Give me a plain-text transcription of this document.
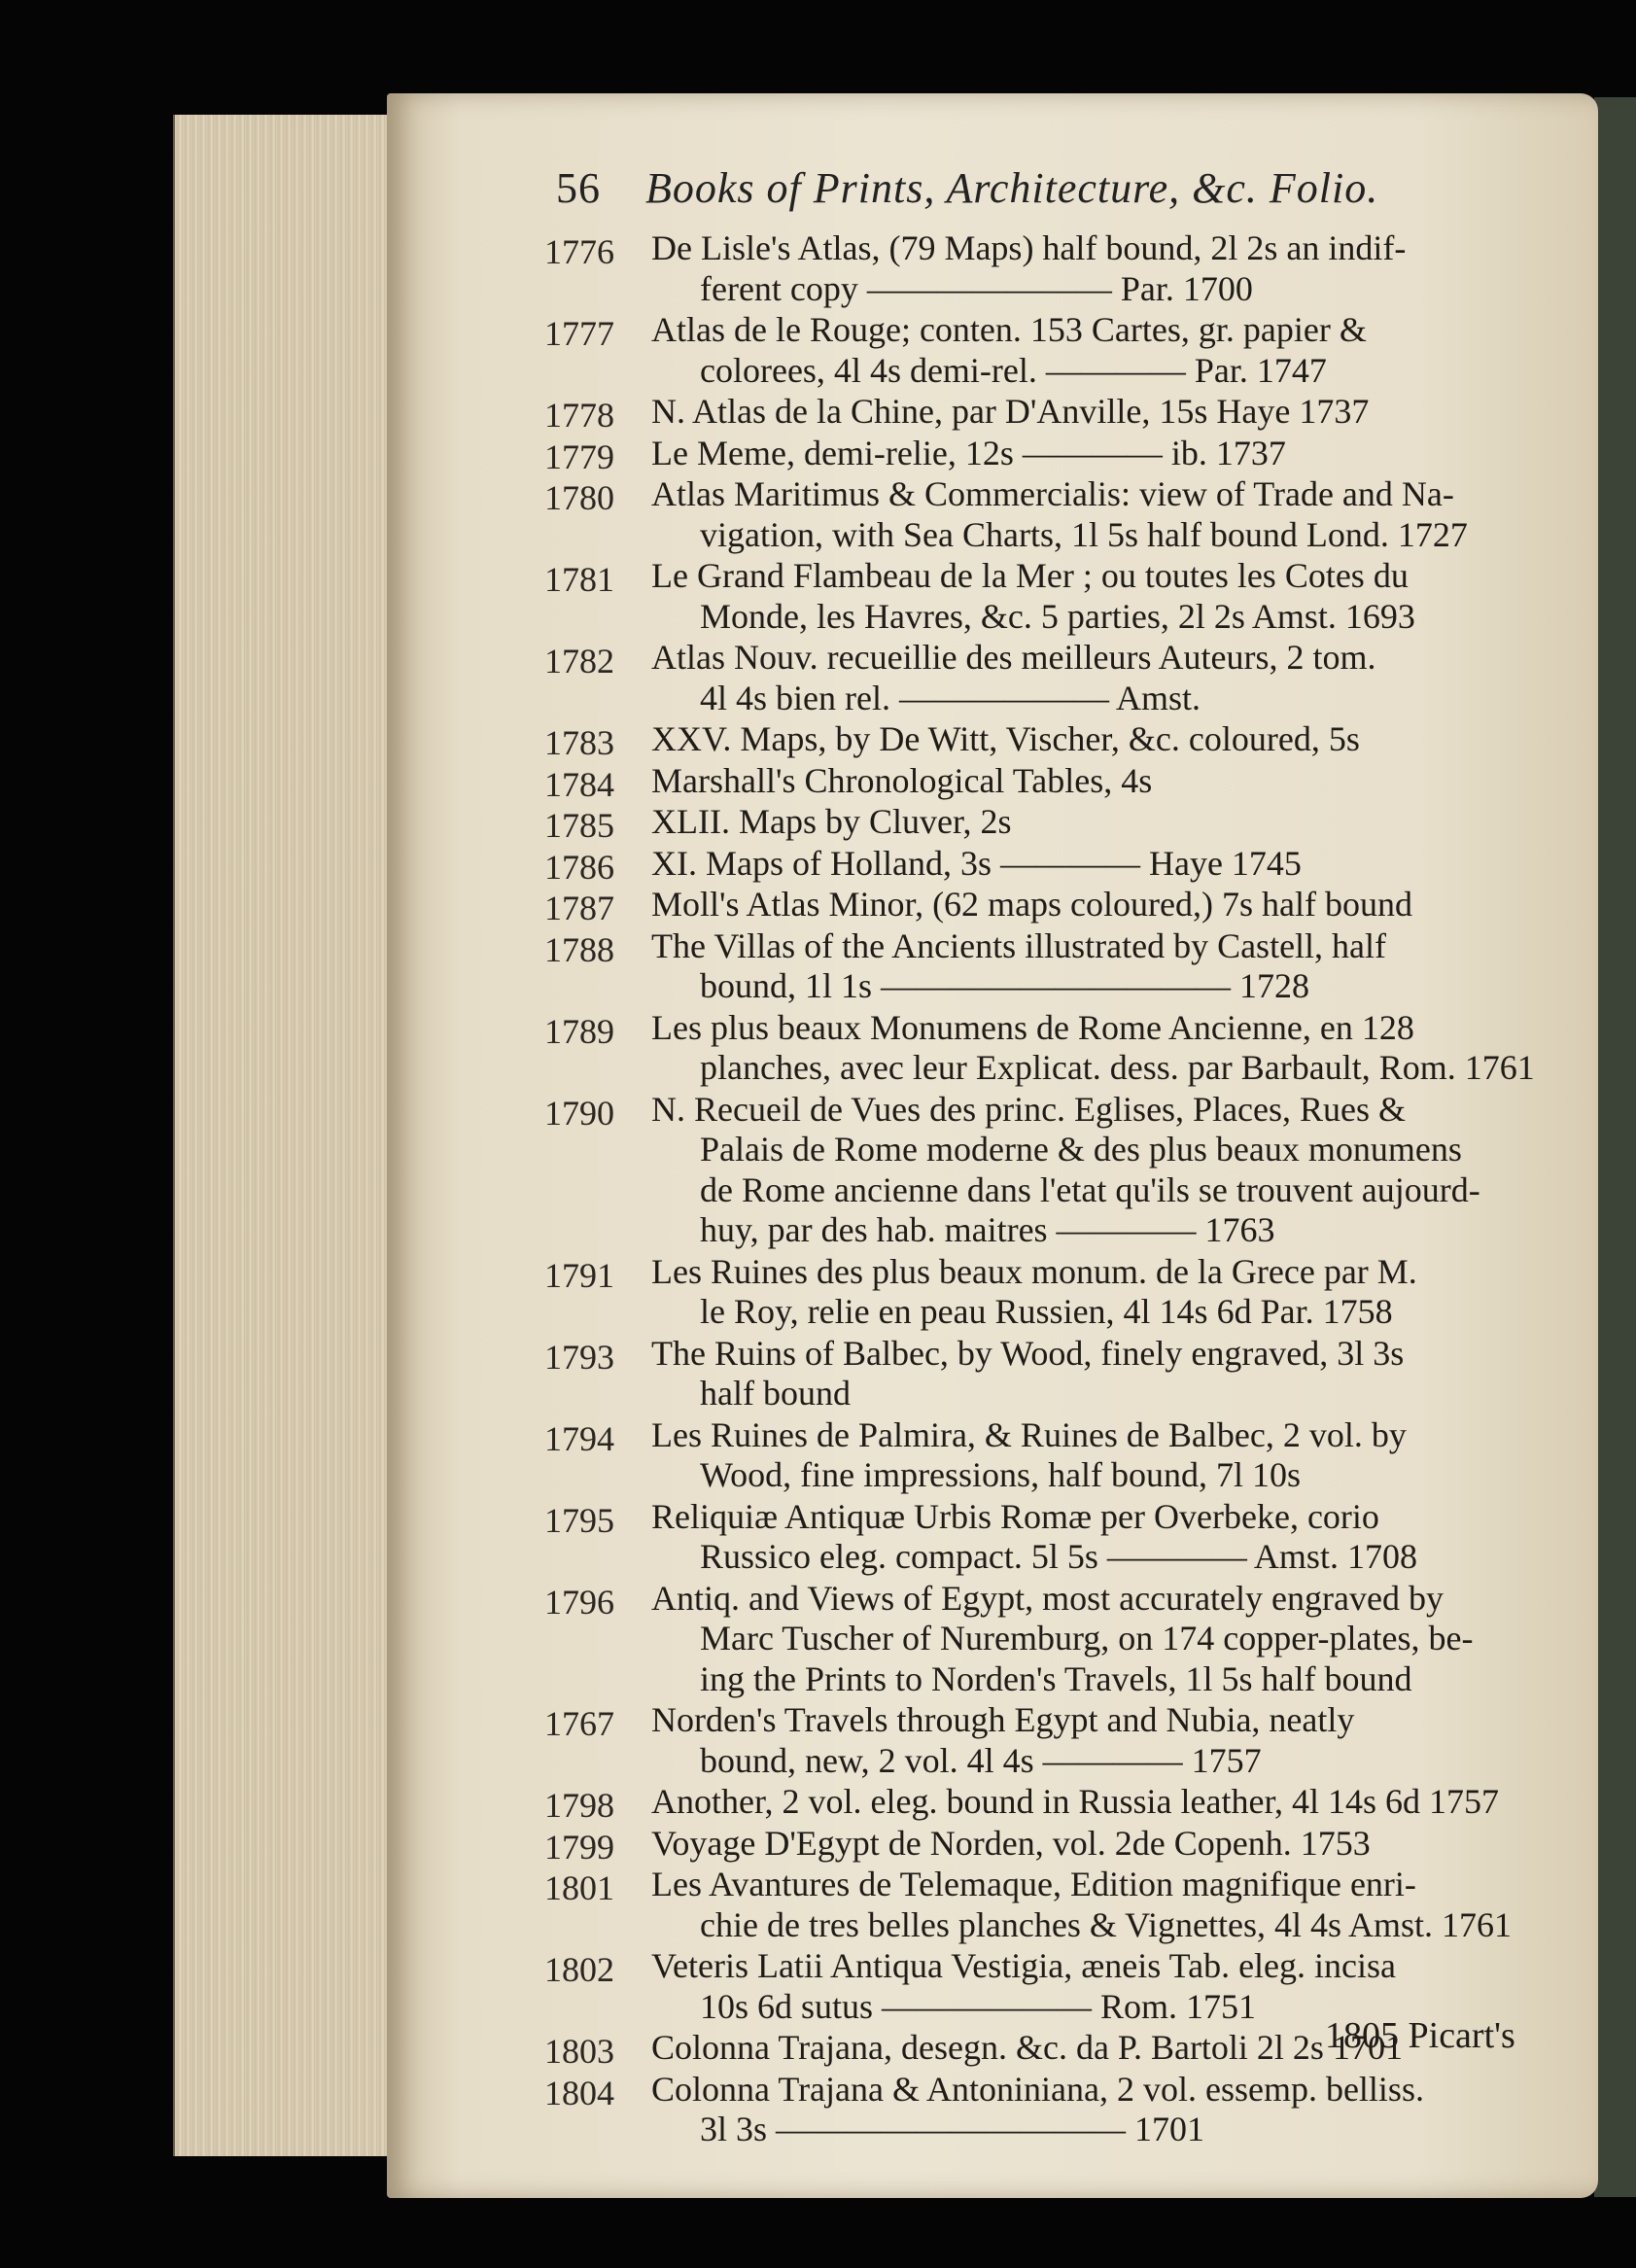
56 Books of Prints, Architecture, &c. Folio.
1776	De Lisle's Atlas, (79 Maps) half bound, 2l 2s an indif-
ferent copy ——————— Par. 1700
1777	Atlas de le Rouge; conten. 153 Cartes, gr. papier &
colorees, 4l 4s demi-rel. ———— Par. 1747
1778	N. Atlas de la Chine, par D'Anville, 15s Haye 1737
1779	Le Meme, demi-relie, 12s ———— ib. 1737
1780	Atlas Maritimus & Commercialis: view of Trade and Na-
vigation, with Sea Charts, 1l 5s half bound Lond. 1727
1781	Le Grand Flambeau de la Mer ; ou toutes les Cotes du
Monde, les Havres, &c. 5 parties, 2l 2s Amst. 1693
1782	Atlas Nouv. recueillie des meilleurs Auteurs, 2 tom.
4l 4s bien rel. —————— Amst.
1783	XXV. Maps, by De Witt, Vischer, &c. coloured, 5s
1784	Marshall's Chronological Tables, 4s
1785	XLII. Maps by Cluver, 2s
1786	XI. Maps of Holland, 3s ———— Haye 1745
1787	Moll's Atlas Minor, (62 maps coloured,) 7s half bound
1788	The Villas of the Ancients illustrated by Castell, half
bound, 1l 1s —————————— 1728
1789	Les plus beaux Monumens de Rome Ancienne, en 128
planches, avec leur Explicat. dess. par Barbault, Rom. 1761
1790	N. Recueil de Vues des princ. Eglises, Places, Rues &
Palais de Rome moderne & des plus beaux monumens
de Rome ancienne dans l'etat qu'ils se trouvent aujourd-
huy, par des hab. maitres ———— 1763
1791	Les Ruines des plus beaux monum. de la Grece par M.
le Roy, relie en peau Russien, 4l 14s 6d Par. 1758
1793	The Ruins of Balbec, by Wood, finely engraved, 3l 3s
half bound
1794	Les Ruines de Palmira, & Ruines de Balbec, 2 vol. by
Wood, fine impressions, half bound, 7l 10s
1795	Reliquiæ Antiquæ Urbis Romæ per Overbeke, corio
Russico eleg. compact. 5l 5s ———— Amst. 1708
1796	Antiq. and Views of Egypt, most accurately engraved by
Marc Tuscher of Nuremburg, on 174 copper-plates, be-
ing the Prints to Norden's Travels, 1l 5s half bound
1767	Norden's Travels through Egypt and Nubia, neatly
bound, new, 2 vol. 4l 4s ———— 1757
1798	Another, 2 vol. eleg. bound in Russia leather, 4l 14s 6d 1757
1799	Voyage D'Egypt de Norden, vol. 2de Copenh. 1753
1801	Les Avantures de Telemaque, Edition magnifique enri-
chie de tres belles planches & Vignettes, 4l 4s Amst. 1761
1802	Veteris Latii Antiqua Vestigia, æneis Tab. eleg. incisa
10s 6d sutus —————— Rom. 1751
1803	Colonna Trajana, desegn. &c. da P. Bartoli 2l 2s 1701
1804	Colonna Trajana & Antoniniana, 2 vol. essemp. belliss.
3l 3s —————————— 1701
1805 Picart's
